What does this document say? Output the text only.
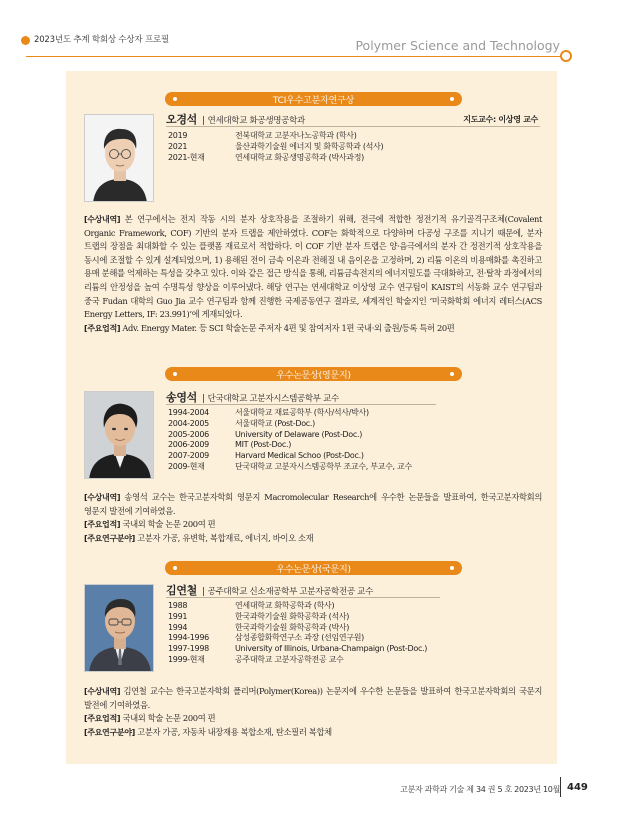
2023년도 추계 학회상 수상자 프로필	Polymer Science and Technology
TCI우수고분자연구상
오경석 | 연세대학교 화공생명공학과	지도교수: 이상영 교수
2019	전북대학교 고분자나노공학과 (학사)
2021	울산과학기술원 에너지 및 화학공학과 (석사)
2021-현재	연세대학교 화공생명공학과 (박사과정)

[수상내역] 본 연구에서는 전지 작동 시의 분자 상호작용을 조절하기 위해, 전극에 적합한 정전기적 유기골격구조체(Covalent Organic Framework, COF) 기반의 분자 트랩을 제안하였다. COF는 화학적으로 다양하며 다공성 구조를 지니기 때문에, 분자 트랩의 장점을 최대화할 수 있는 플랫폼 재료로서 적합하다. 이 COF 기반 분자 트랩은 양·음극에서의 분자 간 정전기적 상호작용을 동시에 조절할 수 있게 설계되었으며, 1) 용해된 전이 금속 이온과 전해질 내 음이온을 고정하며, 2) 리튬 이온의 비용매화를 촉진하고 용매 분해를 억제하는 특성을 갖추고 있다. 이와 같은 접근 방식을 통해, 리튬금속전지의 에너지밀도를 극대화하고, 전·탈착 과정에서의 리튬의 안정성을 높여 수명특성 향상을 이루어냈다. 해당 연구는 연세대학교 이상영 교수 연구팀이 KAIST의 서동화 교수 연구팀과 중국 Fudan 대학의 Guo Jia 교수 연구팀과 함께 진행한 국제공동연구 결과로, 세계적인 학술지인 ‘미국화학회 에너지 레터스(ACS Energy Letters, IF: 23.991)’에 게재되었다.

[주요업적] Adv. Energy Mater. 등 SCI 학술논문 주저자 4편 및 참여저자 1편 국내·외 출원/등록 특허 20편

우수논문상(영문지)
송영석 | 단국대학교 고분자시스템공학부 교수
1994-2004	서울대학교 재료공학부 (학사/석사/박사)
2004-2005	서울대학교 (Post-Doc.)
2005-2006	University of Delaware (Post-Doc.)
2006-2009	MIT (Post-Doc.)
2007-2009	Harvard Medical Schoo (Post-Doc.)
2009-현재	단국대학교 고분자시스템공학부 조교수, 부교수, 교수

[수상내역] 송영석 교수는 한국고분자학회 영문지 Macromolecular Research에 우수한 논문들을 발표하여, 한국고분자학회의 영문지 발전에 기여하였음.

[주요업적] 국내외 학술 논문 200여 편

[주요연구분야] 고분자 가공, 유변학, 복합재료, 에너지, 바이오 소재

우수논문상(국문지)
김연철 | 공주대학교 신소재공학부 고분자공학전공 교수
1988	연세대학교 화학공학과 (학사)
1991	한국과학기술원 화학공학과 (석사)
1994	한국과학기술원 화학공학과 (박사)
1994-1996	삼성종합화학연구소 과장 (선임연구원)
1997-1998	University of Illinois, Urbana-Champaign (Post-Doc.)
1999-현재	공주대학교 고분자공학전공 교수

[수상내역] 김연철 교수는 한국고분자학회 폴리머(Polymer(Korea)) 논문지에 우수한 논문들을 발표하여 한국고분자학회의 국문지 발전에 기여하였음.

[주요업적] 국내외 학술 논문 200여 편

[주요연구분야] 고분자 가공, 자동차 내장재용 복합소재, 탄소필러 복합체

고분자 과학과 기술 제 34 권 5 호 2023년 10월 449
